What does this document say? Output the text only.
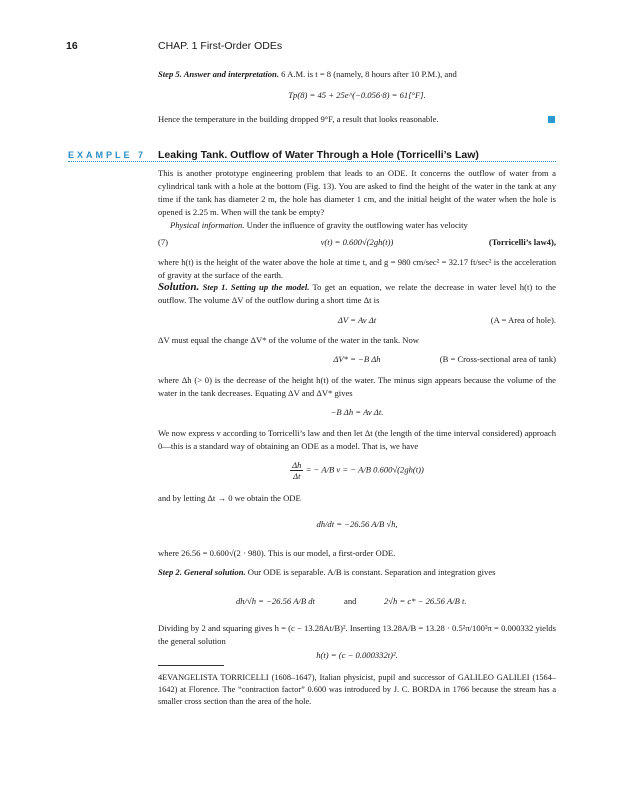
16	CHAP. 1 First-Order ODEs
Step 5. Answer and interpretation. 6 A.M. is t = 8 (namely, 8 hours after 10 P.M.), and
Tp(8) = 45 + 25e^(−0.056·8) = 61[°F].
Hence the temperature in the building dropped 9°F, a result that looks reasonable.
EXAMPLE 7 Leaking Tank. Outflow of Water Through a Hole (Torricelli’s Law)
This is another prototype engineering problem that leads to an ODE. It concerns the outflow of water from a cylindrical tank with a hole at the bottom (Fig. 13). You are asked to find the height of the water in the tank at any time if the tank has diameter 2 m, the hole has diameter 1 cm, and the initial height of the water when the hole is opened is 2.25 m. When will the tank be empty?
Physical information. Under the influence of gravity the outflowing water has velocity
(7)	v(t) = 0.600√(2gh(t))	(Torricelli’s law4),
where h(t) is the height of the water above the hole at time t, and g = 980 cm/sec² = 32.17 ft/sec² is the acceleration of gravity at the surface of the earth.
Solution. Step 1. Setting up the model. To get an equation, we relate the decrease in water level h(t) to the outflow. The volume ΔV of the outflow during a short time Δt is
ΔV = Av Δt	(A = Area of hole).
ΔV must equal the change ΔV* of the volume of the water in the tank. Now
ΔV* = −B Δh	(B = Cross-sectional area of tank)
where Δh (> 0) is the decrease of the height h(t) of the water. The minus sign appears because the volume of the water in the tank decreases. Equating ΔV and ΔV* gives
−B Δh = Av Δt.
We now express v according to Torricelli’s law and then let Δt (the length of the time interval considered) approach 0—this is a standard way of obtaining an ODE as a model. That is, we have
$\frac{\Delta h}{\Delta t}$ = − A/B v = − A/B 0.600√(2gh(t))
and by letting Δt → 0 we obtain the ODE
dh/dt = −26.56 A/B √h,
where 26.56 = 0.600√(2 · 980). This is our model, a first-order ODE.
Step 2. General solution. Our ODE is separable. A/B is constant. Separation and integration gives
dh/√h = −26.56 A/B dt	and	2√h = c* − 26.56 A/B t.
Dividing by 2 and squaring gives h = (c − 13.28At/B)². Inserting 13.28A/B = 13.28 · 0.5²π/100²π = 0.000332 yields the general solution
h(t) = (c − 0.000332t)².
4EVANGELISTA TORRICELLI (1608–1647), Italian physicist, pupil and successor of GALILEO GALILEI (1564–1642) at Florence. The “contraction factor” 0.600 was introduced by J. C. BORDA in 1766 because the stream has a smaller cross section than the area of the hole.
